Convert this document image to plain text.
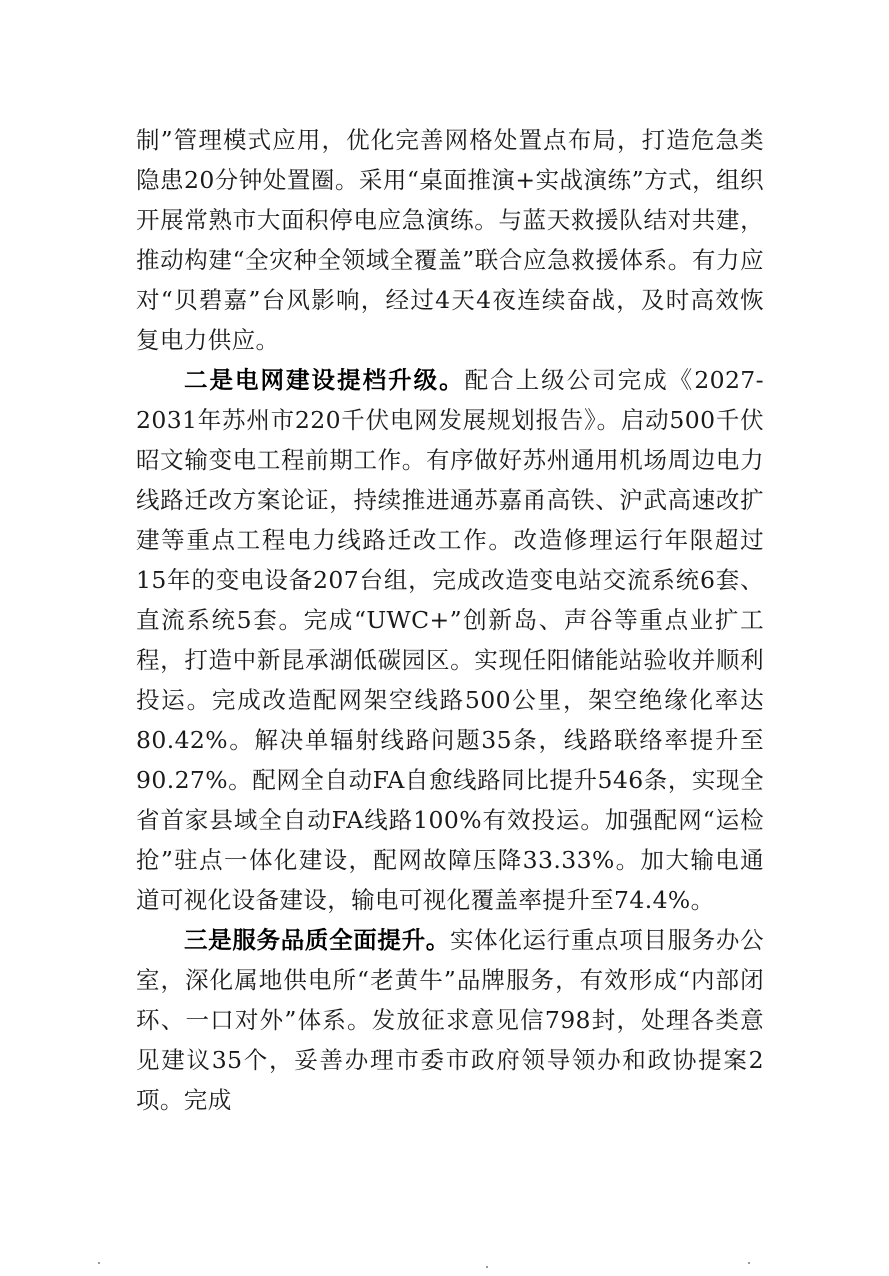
制”管理模式应用，优化完善网格处置点布局，打造危急类隐患20分钟处置圈。采用“桌面推演+实战演练”方式，组织开展常熟市大面积停电应急演练。与蓝天救援队结对共建，推动构建“全灾种全领域全覆盖”联合应急救援体系。有力应对“贝碧嘉”台风影响，经过4天4夜连续奋战，及时高效恢复电力供应。

二是电网建设提档升级。配合上级公司完成《2027-2031年苏州市220千伏电网发展规划报告》。启动500千伏昭文输变电工程前期工作。有序做好苏州通用机场周边电力线路迁改方案论证，持续推进通苏嘉甬高铁、沪武高速改扩建等重点工程电力线路迁改工作。改造修理运行年限超过15年的变电设备207台组，完成改造变电站交流系统6套、直流系统5套。完成“UWC+”创新岛、声谷等重点业扩工程，打造中新昆承湖低碳园区。实现任阳储能站验收并顺利投运。完成改造配网架空线路500公里，架空绝缘化率达80.42%。解决单辐射线路问题35条，线路联络率提升至90.27%。配网全自动FA自愈线路同比提升546条，实现全省首家县域全自动FA线路100%有效投运。加强配网“运检抢”驻点一体化建设，配网故障压降33.33%。加大输电通道可视化设备建设，输电可视化覆盖率提升至74.4%。

三是服务品质全面提升。实体化运行重点项目服务办公室，深化属地供电所“老黄牛”品牌服务，有效形成“内部闭环、一口对外”体系。发放征求意见信798封，处理各类意见建议35个，妥善办理市委市政府领导领办和政协提案2项。完成
